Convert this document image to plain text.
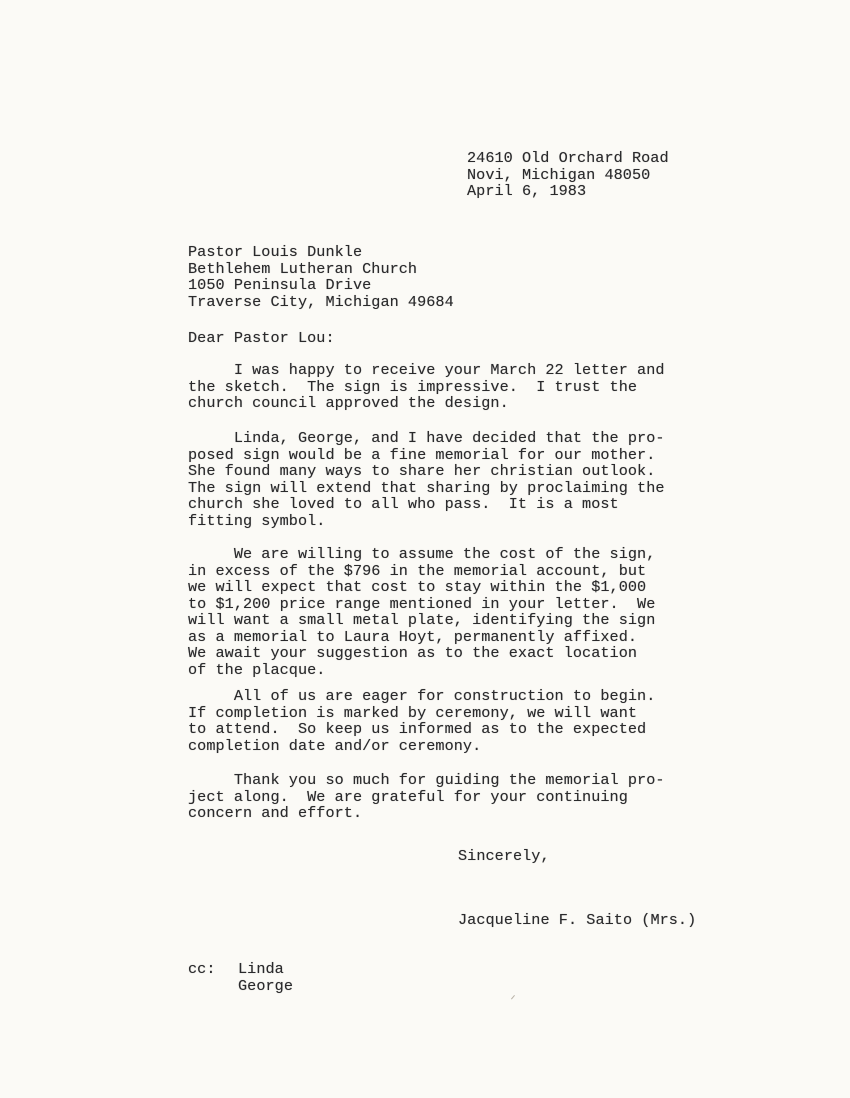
24610 Old Orchard Road
Novi, Michigan 48050
April 6, 1983
Pastor Louis Dunkle
Bethlehem Lutheran Church
1050 Peninsula Drive
Traverse City, Michigan 49684
Dear Pastor Lou:
I was happy to receive your March 22 letter and
the sketch.  The sign is impressive.  I trust the
church council approved the design.
Linda, George, and I have decided that the pro-
posed sign would be a fine memorial for our mother.
She found many ways to share her christian outlook.
The sign will extend that sharing by proclaiming the
church she loved to all who pass.  It is a most
fitting symbol.
We are willing to assume the cost of the sign,
in excess of the $796 in the memorial account, but
we will expect that cost to stay within the $1,000
to $1,200 price range mentioned in your letter.  We
will want a small metal plate, identifying the sign
as a memorial to Laura Hoyt, permanently affixed.
We await your suggestion as to the exact location
of the placque.
All of us are eager for construction to begin.
If completion is marked by ceremony, we will want
to attend.  So keep us informed as to the expected
completion date and/or ceremony.
Thank you so much for guiding the memorial pro-
ject along.  We are grateful for your continuing
concern and effort.
Sincerely,
Jacqueline F. Saito (Mrs.)
cc: Linda
George
